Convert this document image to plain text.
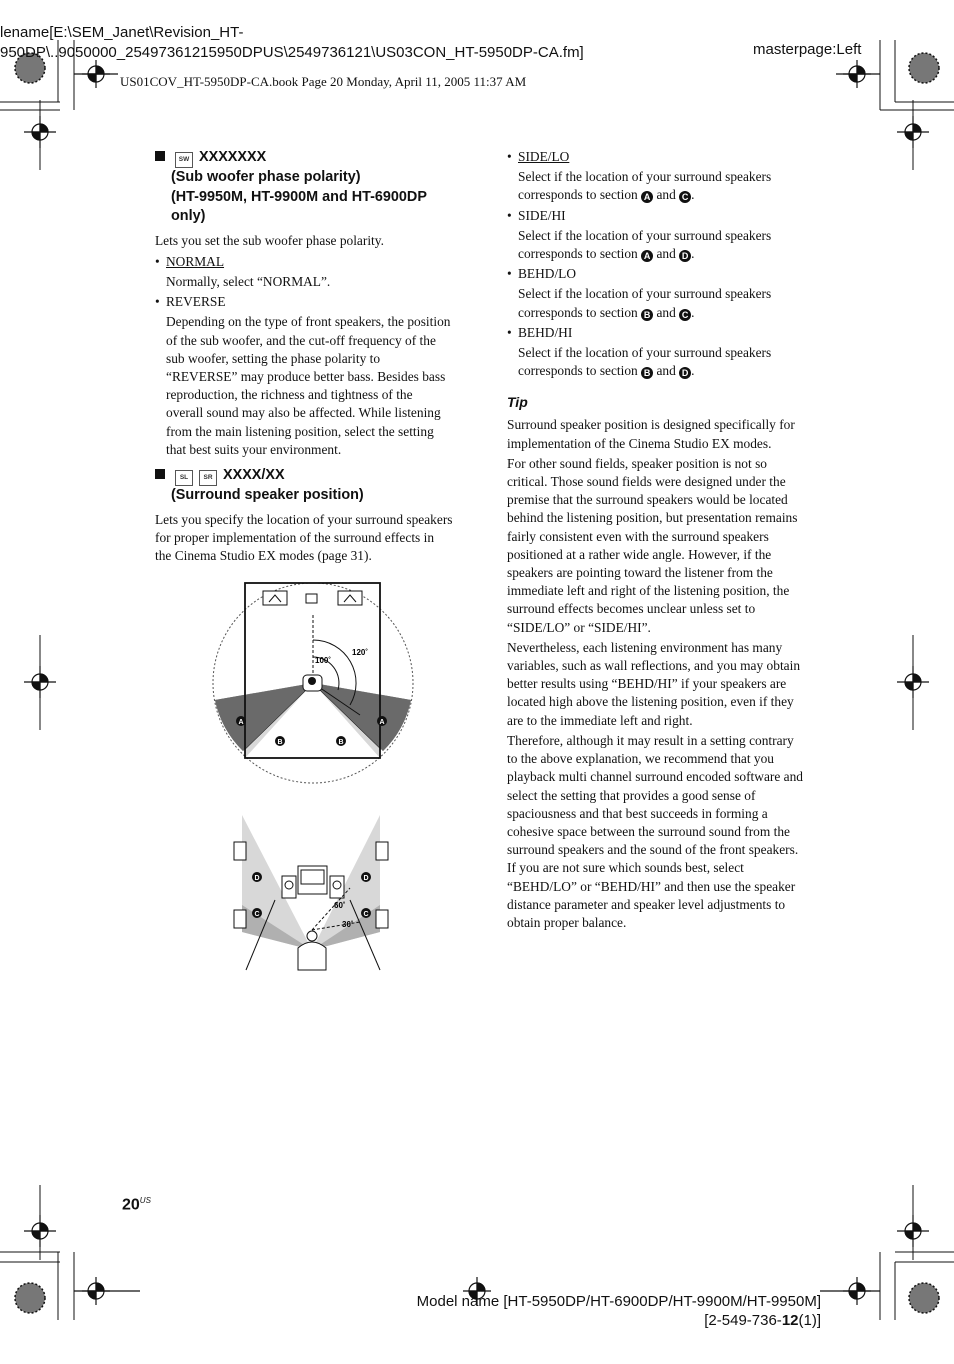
lename[E:\SEM_Janet\Revision_HT-
950DP\..9050000_25497361215950DPUS\2549736121\US03CON_HT-5950DP-CA.fm]	masterpage:Left
US01COV_HT-5950DP-CA.book Page 20 Monday, April 11, 2005 11:37 AM
SW XXXXXXX
(Sub woofer phase polarity)
(HT-9950M, HT-9900M and HT-6900DP
only)
Lets you set the sub woofer phase polarity.
• NORMAL
Normally, select “NORMAL”.
• REVERSE
Depending on the type of front speakers, the position
of the sub woofer, and the cut-off frequency of the
sub woofer, setting the phase polarity to
“REVERSE” may produce better bass. Besides bass
reproduction, the richness and tightness of the
overall sound may also be affected. While listening
from the main listening position, select the setting
that best suits your environment.
SL SR XXXX/XX
(Surround speaker position)
Lets you specify the location of your surround speakers
for proper implementation of the surround effects in
the Cinema Studio EX modes (page 31).
120˚
100˚
A	A
B	B
60˚
30˚
D	D
C	C
• SIDE/LO
Select if the location of your surround speakers
corresponds to section A and C .
• SIDE/HI
Select if the location of your surround speakers
corresponds to section A and D .
• BEHD/LO
Select if the location of your surround speakers
corresponds to section B and C .
• BEHD/HI
Select if the location of your surround speakers
corresponds to section B and D .
Tip
Surround speaker position is designed specifically for
implementation of the Cinema Studio EX modes.
For other sound fields, speaker position is not so
critical. Those sound fields were designed under the
premise that the surround speakers would be located
behind the listening position, but presentation remains
fairly consistent even with the surround speakers
positioned at a rather wide angle. However, if the
speakers are pointing toward the listener from the
immediate left and right of the listening position, the
surround effects becomes unclear unless set to
“SIDE/LO” or “SIDE/HI”.
Nevertheless, each listening environment has many
variables, such as wall reflections, and you may obtain
better results using “BEHD/HI” if your speakers are
located high above the listening position, even if they
are to the immediate left and right.
Therefore, although it may result in a setting contrary
to the above explanation, we recommend that you
playback multi channel surround encoded software and
select the setting that provides a good sense of
spaciousness and that best succeeds in forming a
cohesive space between the surround sound from the
surround speakers and the sound of the front speakers.
If you are not sure which sounds best, select
“BEHD/LO” or “BEHD/HI” and then use the speaker
distance parameter and speaker level adjustments to
obtain proper balance.
$20^{US}$
Model name [HT-5950DP/HT-6900DP/HT-9900M/HT-9950M]
[2-549-736-12(1)]
